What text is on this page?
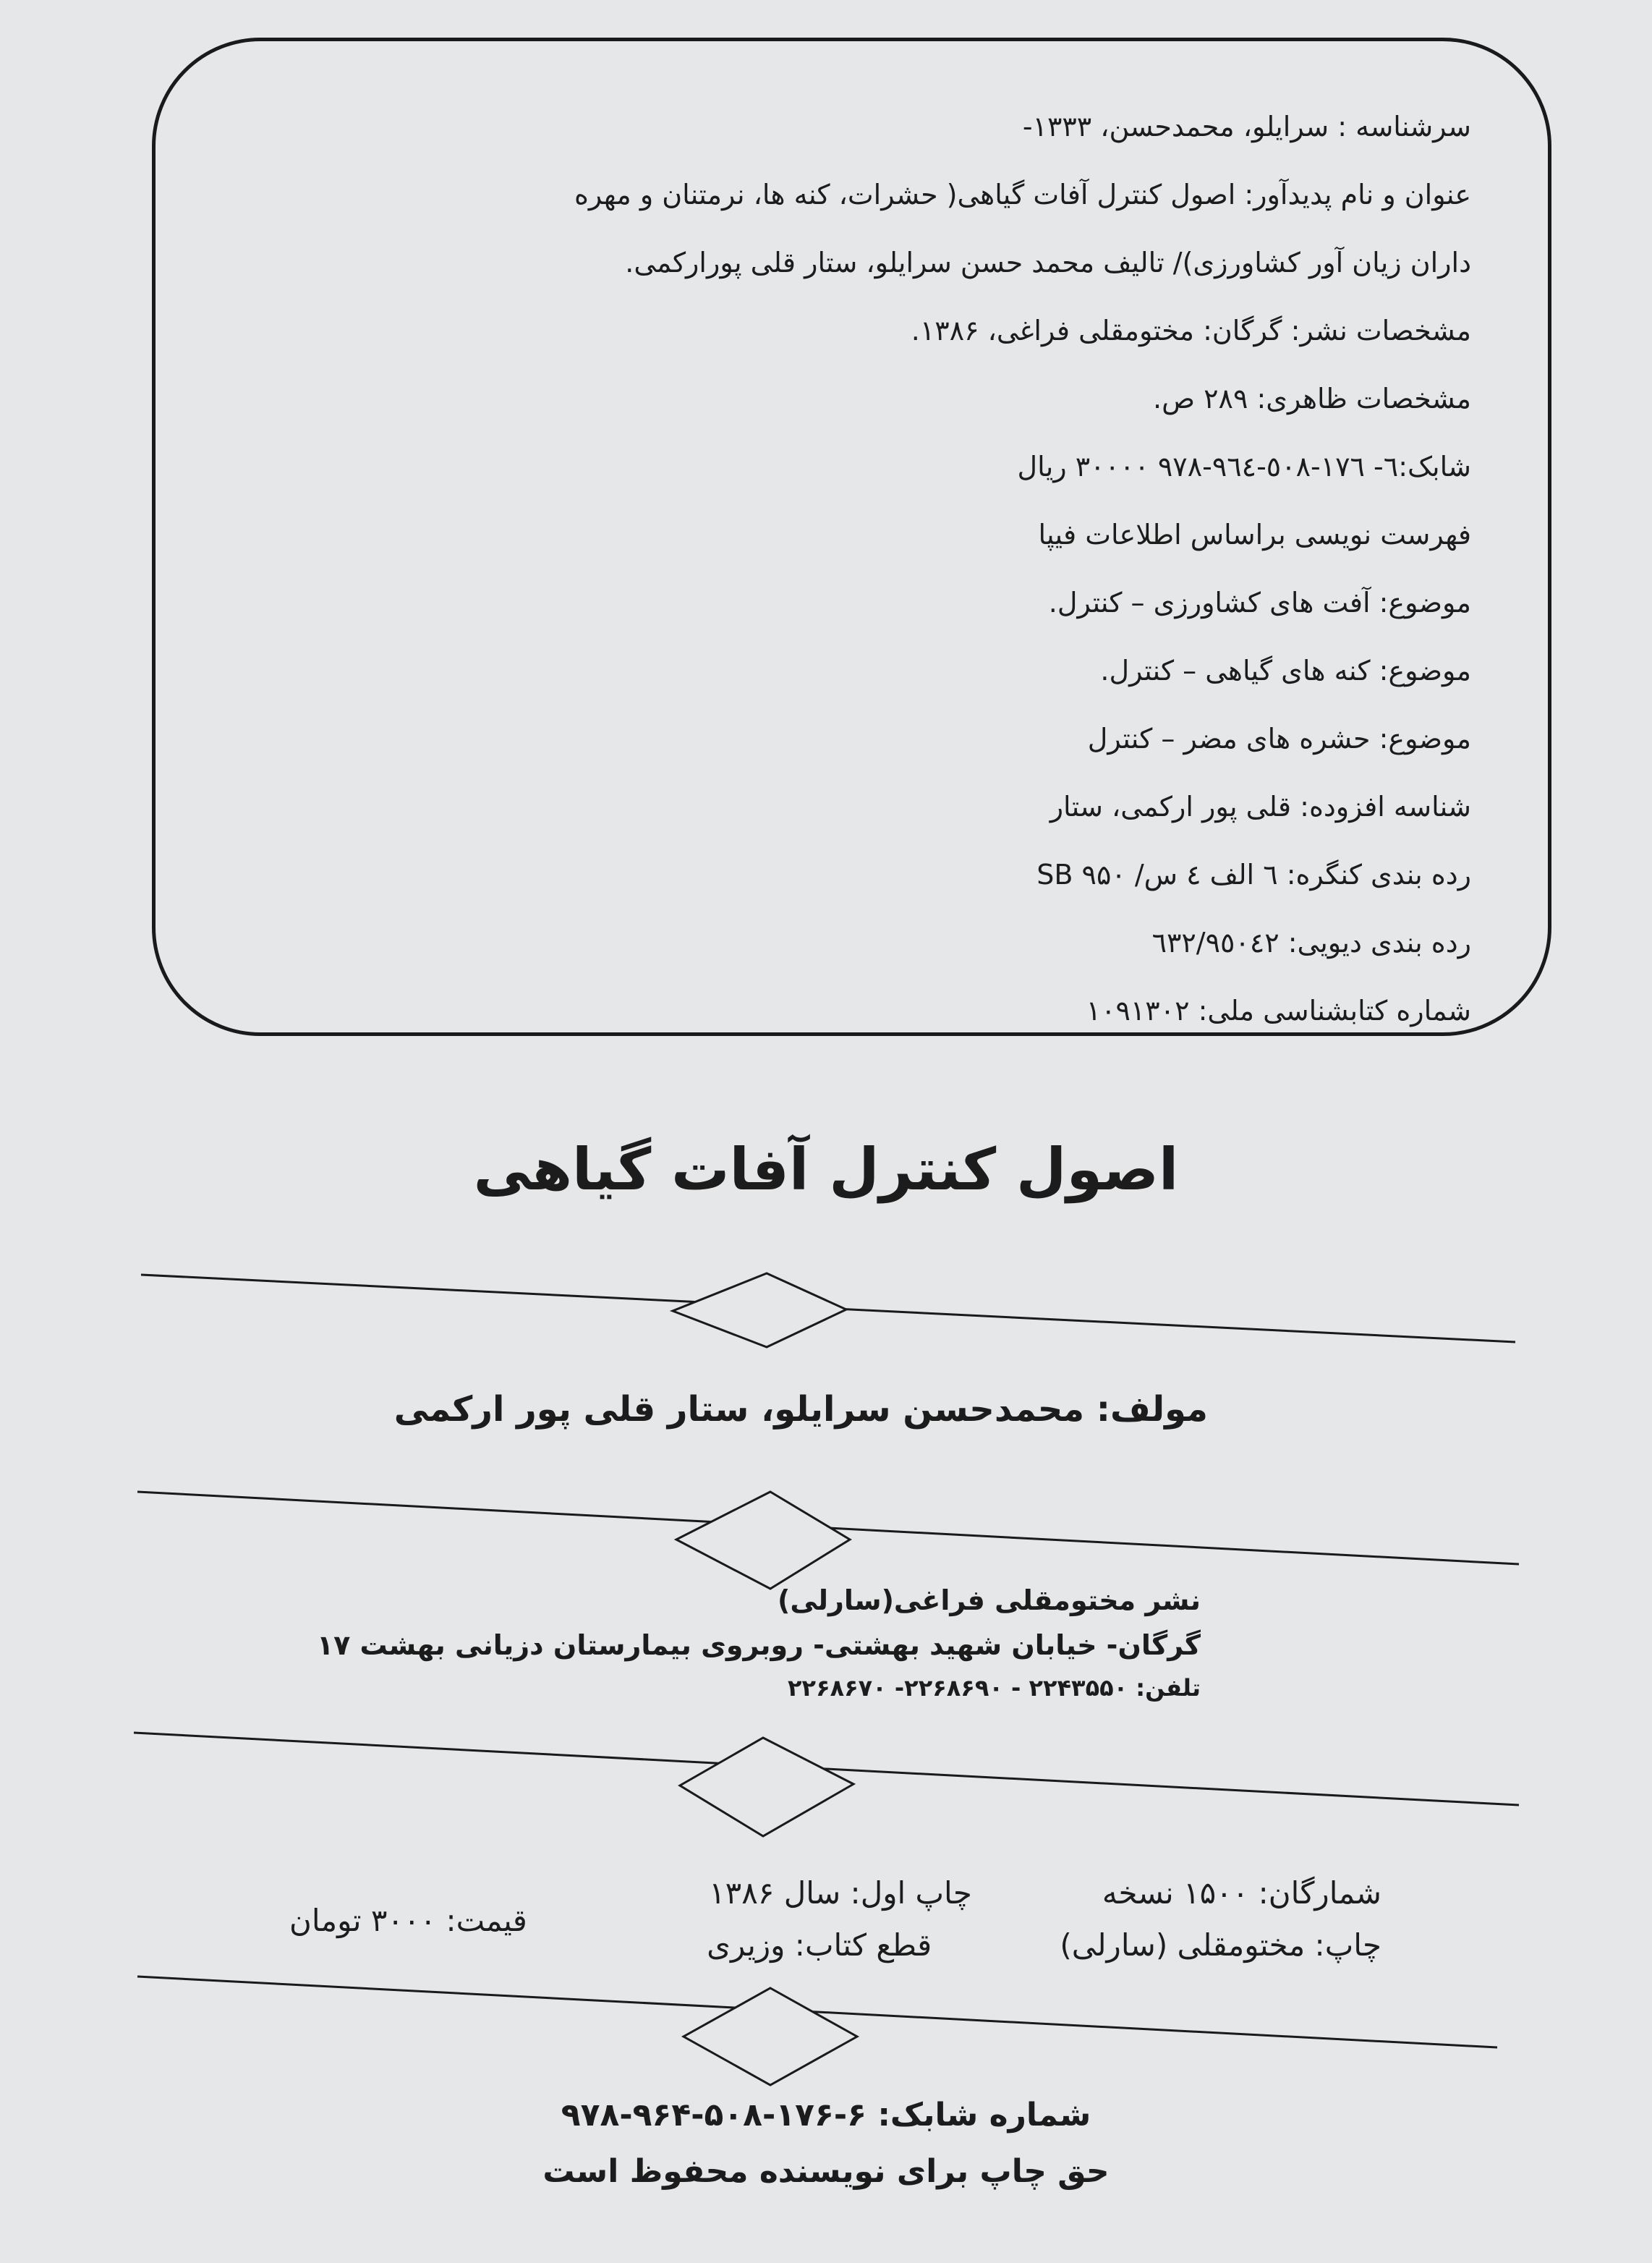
سرشناسه : سرایلو، محمدحسن، ۱۳۳۳-
عنوان و نام پدیدآور: اصول کنترل آفات گیاهی( حشرات، کنه ها، نرمتنان و مهره
داران زیان آور کشاورزی)/ تالیف محمد حسن سرایلو، ستار قلی پورارکمی.
مشخصات نشر: گرگان: مختومقلی فراغی، ۱۳۸۶.
مشخصات ظاهری: ۲۸۹ ص.
شابک:٦- ١٧٦-٥٠٨-٩٦٤-٩٧٨ ۳۰۰۰۰ ریال
فهرست نویسی براساس اطلاعات فیپا
موضوع: آفت های کشاورزی – کنترل.
موضوع: کنه های گیاهی – کنترل.
موضوع: حشره های مضر – کنترل
شناسه افزوده: قلی پور ارکمی، ستار
رده بندی کنگره: ٦ الف ٤ س/ ۹۵۰ SB
رده بندی دیویی: ٦٣٢/٩٥٠٤٢
شماره کتابشناسی ملی: ۱۰۹۱۳۰۲
اصول کنترل آفات گیاهی
مولف: محمدحسن سرایلو، ستار قلی پور ارکمی
نشر مختومقلی فراغی(سارلی)
گرگان- خیابان شهید بهشتی- روبروی بیمارستان دزیانی بهشت ۱۷
تلفن: ۲۲۴۳۵۵۰ - ۲۲۶۸۶۹۰- ۲۲۶۸۶۷۰
شمارگان: ۱۵۰۰ نسخه
چاپ اول: سال ۱۳۸۶
چاپ: مختومقلی (سارلی)
قطع کتاب: وزیری
قیمت: ۳۰۰۰ تومان
شماره شابک: ۶-۱۷۶-۵۰۸-۹۶۴-۹۷۸
حق چاپ برای نویسنده محفوظ است
